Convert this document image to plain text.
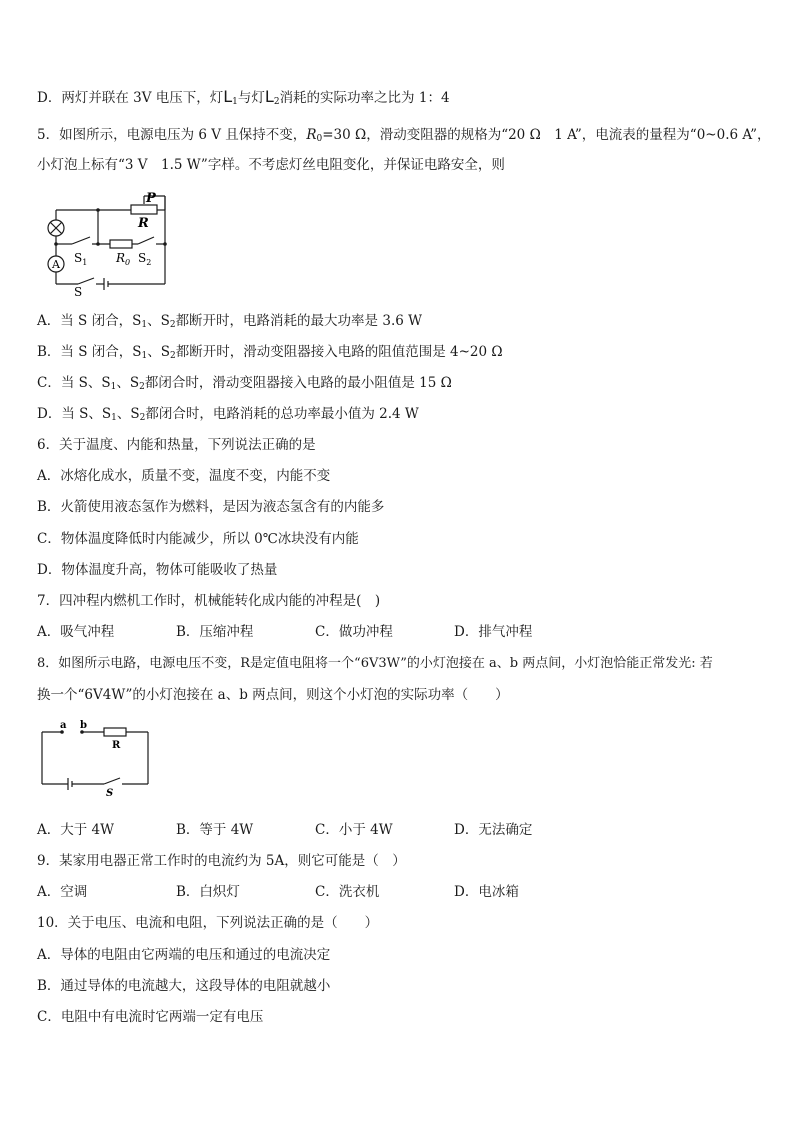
D．两灯并联在 3V 电压下，灯$L_1$与灯$L_2$消耗的实际功率之比为 1：4
5．如图所示，电源电压为 6 V 且保持不变，$R_0=30$ Ω，滑动变阻器的规格为“20 Ω　1 A”，电流表的量程为“0~0.6 A”，
小灯泡上标有“3 V　1.5 W”字样。不考虑灯丝电阻变化，并保证电路安全，则
A
P
R
$S_1$ $R_0$ $S_2$
S
A．当 S 闭合，$S_1$、$S_2$都断开时，电路消耗的最大功率是 3.6 W
B．当 S 闭合，$S_1$、$S_2$都断开时，滑动变阻器接入电路的阻值范围是 4~20 Ω
C．当 S、$S_1$、$S_2$都闭合时，滑动变阻器接入电路的最小阻值是 15 Ω
D．当 S、$S_1$、$S_2$都闭合时，电路消耗的总功率最小值为 2.4 W
6．关于温度、内能和热量，下列说法正确的是
A．冰熔化成水，质量不变，温度不变，内能不变
B．火箭使用液态氢作为燃料，是因为液态氢含有的内能多
C．物体温度降低时内能减少，所以 0℃冰块没有内能
D．物体温度升高，物体可能吸收了热量
7．四冲程内燃机工作时，机械能转化成内能的冲程是(　)
A．吸气冲程	B．压缩冲程	C．做功冲程	D．排气冲程
8．如图所示电路，电源电压不变，R是定值电阻将一个“6V3W”的小灯泡接在 a、b 两点间，小灯泡恰能正常发光: 若
换一个“6V4W”的小灯泡接在 a、b 两点间，则这个小灯泡的实际功率（　　）
a b
R
S
A．大于 4W	B．等于 4W	C．小于 4W	D．无法确定
9．某家用电器正常工作时的电流约为 5A，则它可能是（　）
A．空调	B．白炽灯	C．洗衣机	D．电冰箱
10．关于电压、电流和电阻，下列说法正确的是（　　）
A．导体的电阻由它两端的电压和通过的电流决定
B．通过导体的电流越大，这段导体的电阻就越小
C．电阻中有电流时它两端一定有电压
